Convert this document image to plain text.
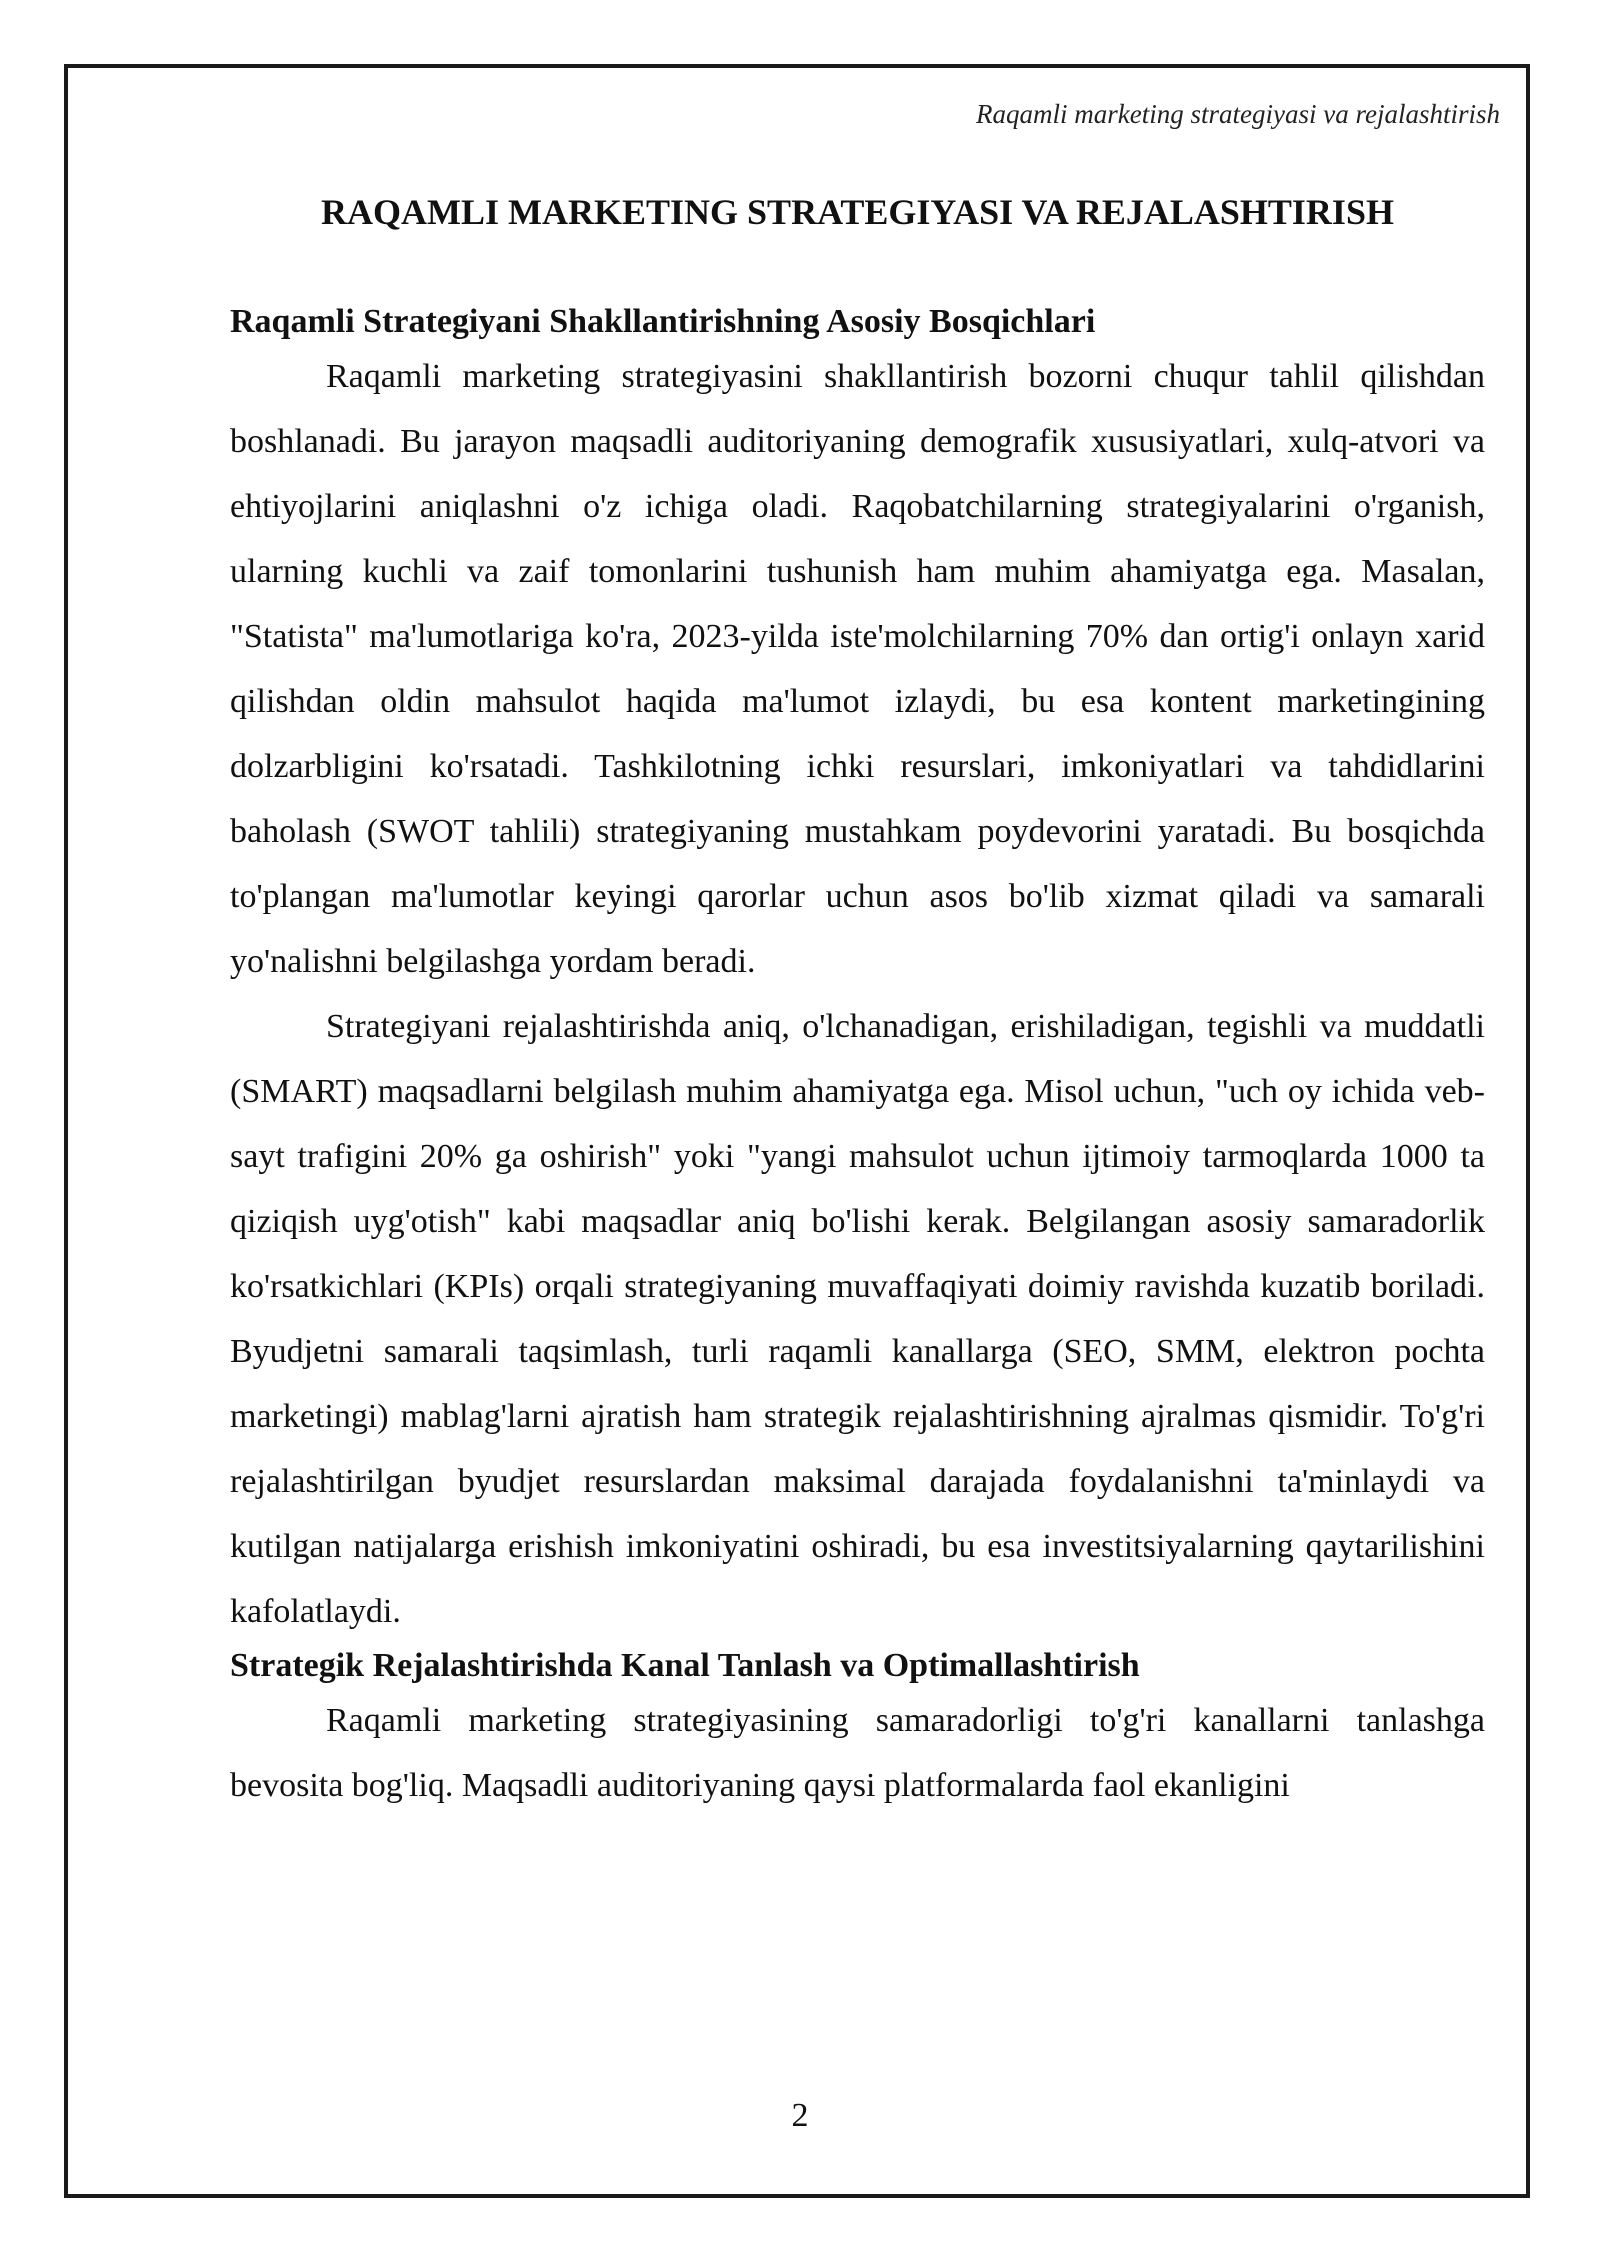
Raqamli marketing strategiyasi va rejalashtirish
RAQAMLI MARKETING STRATEGIYASI VA REJALASHTIRISH
Raqamli Strategiyani Shakllantirishning Asosiy Bosqichlari

Raqamli marketing strategiyasini shakllantirish bozorni chuqur tahlil qilishdan boshlanadi. Bu jarayon maqsadli auditoriyaning demografik xususiyatlari, xulq-atvori va ehtiyojlarini aniqlashni o'z ichiga oladi. Raqobatchilarning strategiyalarini o'rganish, ularning kuchli va zaif tomonlarini tushunish ham muhim ahamiyatga ega. Masalan, "Statista" ma'lumotlariga ko'ra, 2023-yilda iste'molchilarning 70% dan ortig'i onlayn xarid qilishdan oldin mahsulot haqida ma'lumot izlaydi, bu esa kontent marketingining dolzarbligini ko'rsatadi. Tashkilotning ichki resurslari, imkoniyatlari va tahdidlarini baholash (SWOT tahlili) strategiyaning mustahkam poydevorini yaratadi. Bu bosqichda to'plangan ma'lumotlar keyingi qarorlar uchun asos bo'lib xizmat qiladi va samarali yo'nalishni belgilashga yordam beradi.

Strategiyani rejalashtirishda aniq, o'lchanadigan, erishiladigan, tegishli va muddatli (SMART) maqsadlarni belgilash muhim ahamiyatga ega. Misol uchun, "uch oy ichida veb-sayt trafigini 20% ga oshirish" yoki "yangi mahsulot uchun ijtimoiy tarmoqlarda 1000 ta qiziqish uyg'otish" kabi maqsadlar aniq bo'lishi kerak. Belgilangan asosiy samaradorlik ko'rsatkichlari (KPIs) orqali strategiyaning muvaffaqiyati doimiy ravishda kuzatib boriladi. Byudjetni samarali taqsimlash, turli raqamli kanallarga (SEO, SMM, elektron pochta marketingi) mablag'larni ajratish ham strategik rejalashtirishning ajralmas qismidir. To'g'ri rejalashtirilgan byudjet resurslardan maksimal darajada foydalanishni ta'minlaydi va kutilgan natijalarga erishish imkoniyatini oshiradi, bu esa investitsiyalarning qaytarilishini kafolatlaydi.

Strategik Rejalashtirishda Kanal Tanlash va Optimallashtirish

Raqamli marketing strategiyasining samaradorligi to'g'ri kanallarni tanlashga bevosita bog'liq. Maqsadli auditoriyaning qaysi platformalarda faol ekanligini

2
